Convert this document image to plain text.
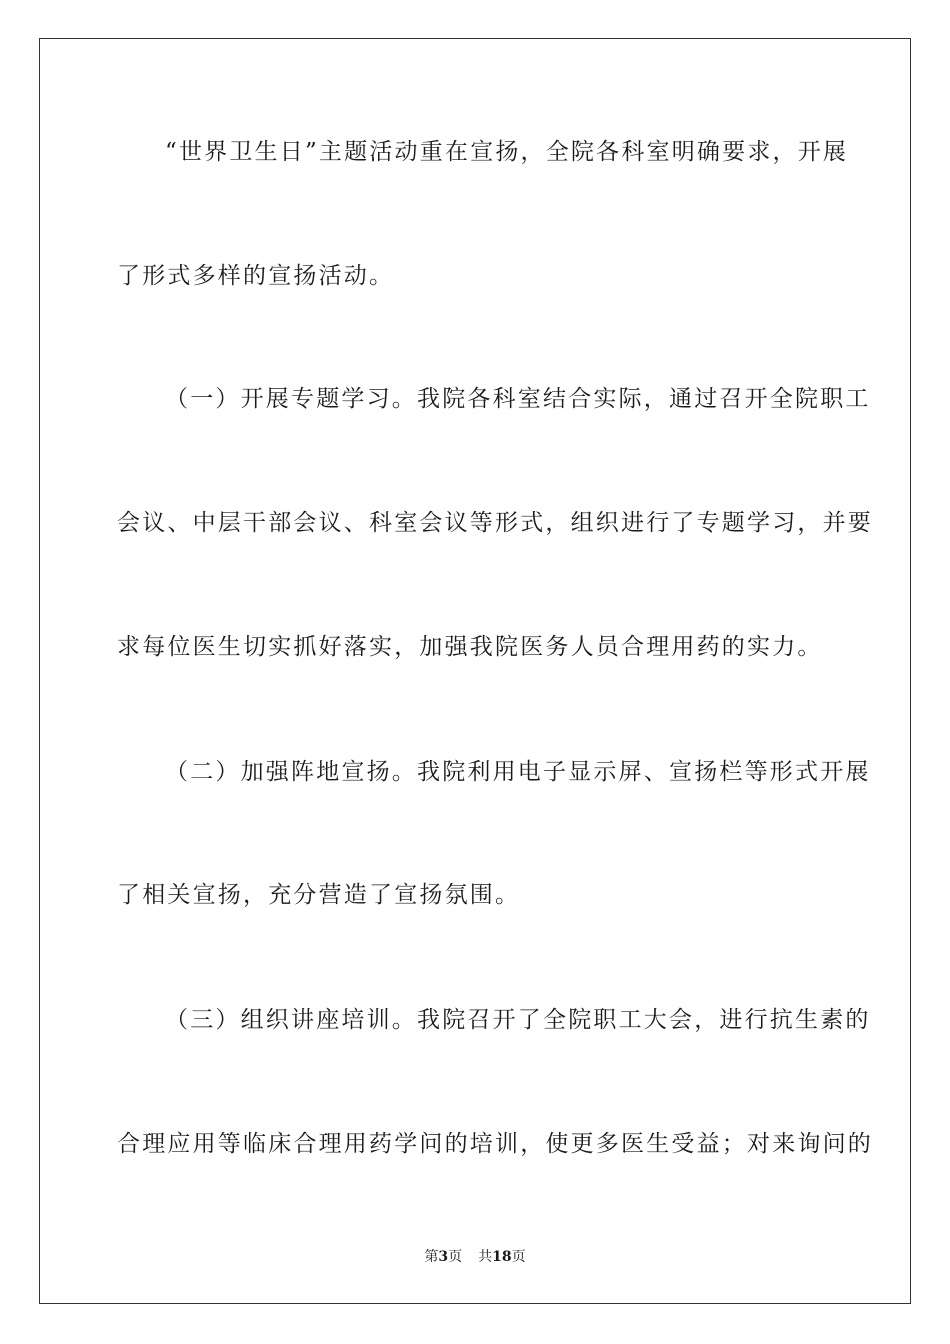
“世界卫生日”主题活动重在宣扬，全院各科室明确要求，开展
了形式多样的宣扬活动。
（一）开展专题学习。我院各科室结合实际，通过召开全院职工
会议、中层干部会议、科室会议等形式，组织进行了专题学习，并要
求每位医生切实抓好落实，加强我院医务人员合理用药的实力。
（二）加强阵地宣扬。我院利用电子显示屏、宣扬栏等形式开展
了相关宣扬，充分营造了宣扬氛围。
（三）组织讲座培训。我院召开了全院职工大会，进行抗生素的
合理应用等临床合理用药学问的培训，使更多医生受益；对来询问的
第3页 共18页
